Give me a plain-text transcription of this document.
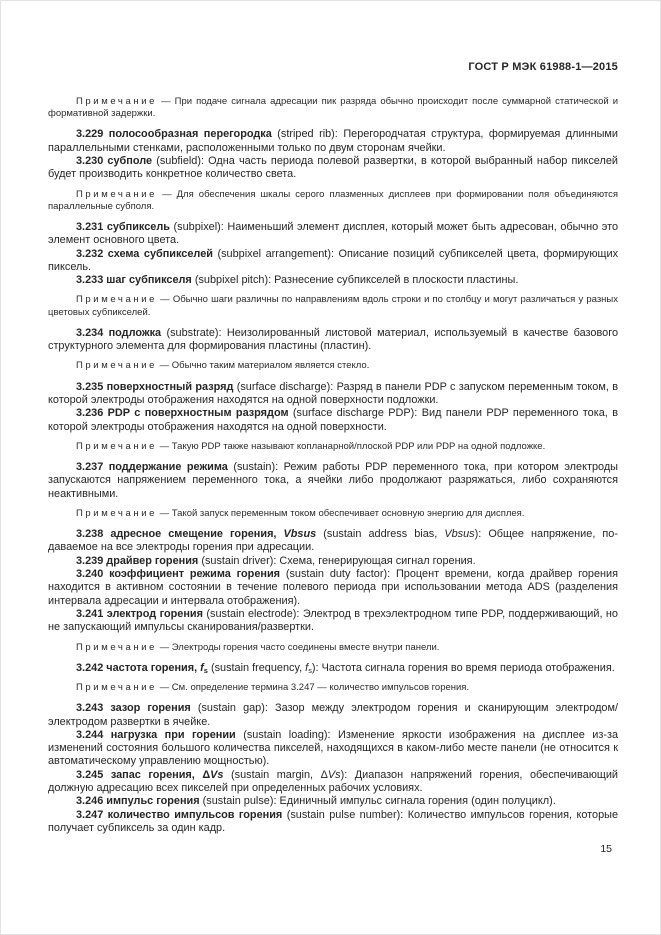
ГОСТ Р МЭК 61988-1—2015

Примечание — При подаче сигнала адресации пик разряда обычно происходит после суммарной статической и формативной задержки.

3.229 полосообразная перегородка (striped rib): Перегородчатая структура, формируемая длинными параллельными стенками, расположенными только по двум сторонам ячейки.

3.230 субполе (subfield): Одна часть периода полевой развертки, в которой выбранный набор пикселей будет производить конкретное количество света.

Примечание — Для обеспечения шкалы серого плазменных дисплеев при формировании поля объединяются параллельные субполя.

3.231 субпиксель (subpixel): Наименьший элемент дисплея, который может быть адресован, обычно это элемент основного цвета.

3.232 схема субпикселей (subpixel arrangement): Описание позиций субпикселей цвета, формирующих пиксель.

3.233 шаг субпикселя (subpixel pitch): Разнесение субпикселей в плоскости пластины.

Примечание — Обычно шаги различны по направлениям вдоль строки и по столбцу и могут различаться у разных цветовых субпикселей.

3.234 подложка (substrate): Неизолированный листовой материал, используемый в качестве базового структурного элемента для формирования пластины (пластин).

Примечание — Обычно таким материалом является стекло.

3.235 поверхностный разряд (surface discharge): Разряд в панели PDP с запуском переменным током, в которой электроды отображения находятся на одной поверхности подложки.

3.236 PDP с поверхностным разрядом (surface discharge PDP): Вид панели PDP переменного тока, в которой электроды отображения находятся на одной поверхности.

Примечание — Такую PDP также называют копланарной/плоской PDP или PDP на одной подложке.

3.237 поддержание режима (sustain): Режим работы PDP переменного тока, при котором электроды запускаются напряжением переменного тока, а ячейки либо продолжают разряжаться, либо сохраняются неактивными.

Примечание — Такой запуск переменным током обеспечивает основную энергию для дисплея.

3.238 адресное смещение горения, Vbsus (sustain address bias, Vbsus): Общее напряжение, подаваемое на все электроды горения при адресации.

3.239 драйвер горения (sustain driver): Схема, генерирующая сигнал горения.

3.240 коэффициент режима горения (sustain duty factor): Процент времени, когда драйвер горения находится в активном состоянии в течение полевого периода при использовании метода ADS (разделения интервала адресации и интервала отображения).

3.241 электрод горения (sustain electrode): Электрод в трехэлектродном типе PDP, поддерживающий, но не запускающий импульсы сканирования/развертки.

Примечание — Электроды горения часто соединены вместе внутри панели.

3.242 частота горения, $f_s$ (sustain frequency, $f_s$): Частота сигнала горения во время периода отображения.

Примечание — См. определение термина 3.247 — количество импульсов горения.

3.243 зазор горения (sustain gap): Зазор между электродом горения и сканирующим электродом/электродом развертки в ячейке.

3.244 нагрузка при горении (sustain loading): Изменение яркости изображения на дисплее из-за изменений состояния большого количества пикселей, находящихся в каком-либо месте панели (не относится к автоматическому управлению мощностью).

3.245 запас горения, ΔVs (sustain margin, ΔVs): Диапазон напряжений горения, обеспечивающий должную адресацию всех пикселей при определенных рабочих условиях.

3.246 импульс горения (sustain pulse): Единичный импульс сигнала горения (один полуцикл).

3.247 количество импульсов горения (sustain pulse number): Количество импульсов горения, которые получает субпиксель за один кадр.

15
